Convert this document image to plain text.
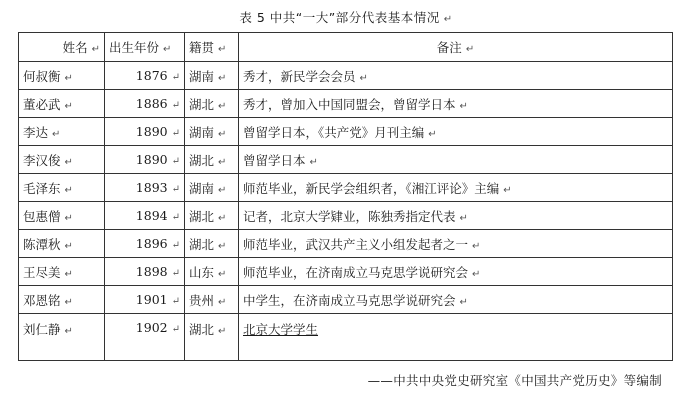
表 5 中共“一大”部分代表基本情况 ↵
姓名 ↵	出生年份 ↵	籍贯 ↵	备注 ↵
何叔衡 ↵	1876 ↵	湖南 ↵	秀才，新民学会会员 ↵
董必武 ↵	1886 ↵	湖北 ↵	秀才，曾加入中国同盟会，曾留学日本 ↵
李达 ↵	1890 ↵	湖南 ↵	曾留学日本，《共产党》月刊主编 ↵
李汉俊 ↵	1890 ↵	湖北 ↵	曾留学日本 ↵
毛泽东 ↵	1893 ↵	湖南 ↵	师范毕业，新民学会组织者，《湘江评论》主编 ↵
包惠僧 ↵	1894 ↵	湖北 ↵	记者，北京大学肄业，陈独秀指定代表 ↵
陈潭秋 ↵	1896 ↵	湖北 ↵	师范毕业，武汉共产主义小组发起者之一 ↵
王尽美 ↵	1898 ↵	山东 ↵	师范毕业，在济南成立马克思学说研究会 ↵
邓恩铭 ↵	1901 ↵	贵州 ↵	中学生，在济南成立马克思学说研究会 ↵
刘仁静 ↵	1902 ↵	湖北 ↵	北京大学学生
——中共中央党史研究室《中国共产党历史》等编制
